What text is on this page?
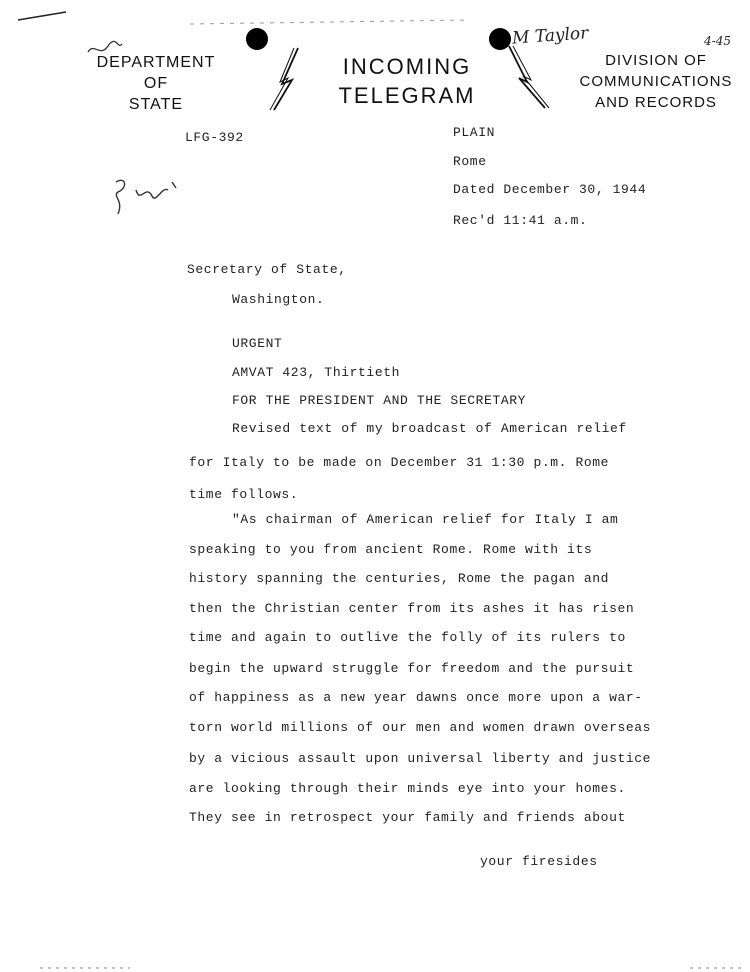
DEPARTMENT
OF
STATE
INCOMING
TELEGRAM
DIVISION OF
COMMUNICATIONS
AND RECORDS
M Taylor	4-45
LFG-392	PLAIN
Rome
Dated December 30, 1944
Rec'd 11:41 a.m.
Secretary of State,
Washington.
URGENT
AMVAT 423, Thirtieth
FOR THE PRESIDENT AND THE SECRETARY
Revised text of my broadcast of American relief
for Italy to be made on December 31 1:30 p.m. Rome
time follows.
"As chairman of American relief for Italy I am
speaking to you from ancient Rome. Rome with its
history spanning the centuries, Rome the pagan and
then the Christian center from its ashes it has risen
time and again to outlive the folly of its rulers to
begin the upward struggle for freedom and the pursuit
of happiness as a new year dawns once more upon a war-
torn world millions of our men and women drawn overseas
by a vicious assault upon universal liberty and justice
are looking through their minds eye into your homes.
They see in retrospect your family and friends about
your firesides
